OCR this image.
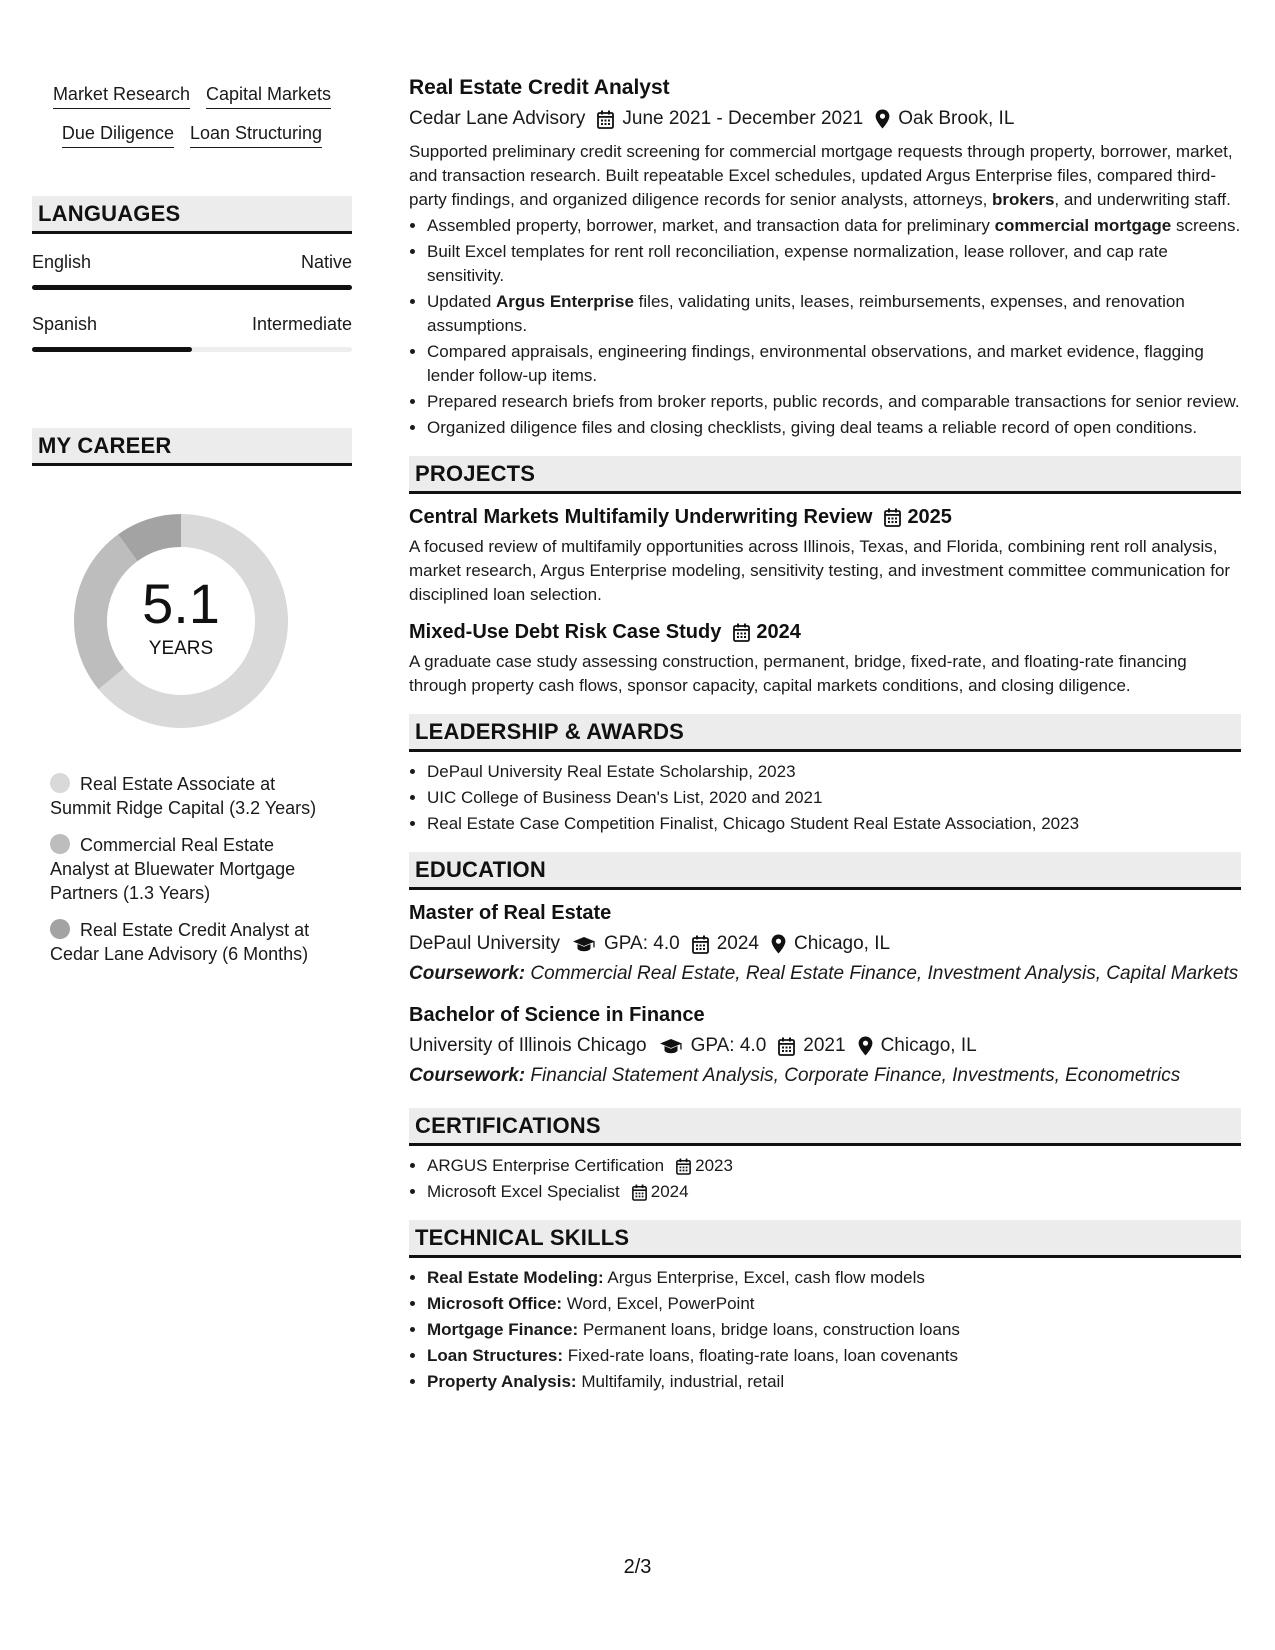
Market Research Capital Markets
Due Diligence Loan Structuring
LANGUAGES
English	Native
Spanish	Intermediate
MY CAREER
5.1
YEARS
Real Estate Associate at Summit Ridge Capital (3.2 Years)
Commercial Real Estate Analyst at Bluewater Mortgage Partners (1.3 Years)
Real Estate Credit Analyst at Cedar Lane Advisory (6 Months)
Real Estate Credit Analyst
Cedar Lane Advisory June 2021 - December 2021 Oak Brook, IL
Supported preliminary credit screening for commercial mortgage requests through property, borrower, market, and transaction research. Built repeatable Excel schedules, updated Argus Enterprise files, compared third-party findings, and organized diligence records for senior analysts, attorneys, brokers, and underwriting staff.
• Assembled property, borrower, market, and transaction data for preliminary commercial mortgage screens.
• Built Excel templates for rent roll reconciliation, expense normalization, lease rollover, and cap rate sensitivity.
• Updated Argus Enterprise files, validating units, leases, reimbursements, expenses, and renovation assumptions.
• Compared appraisals, engineering findings, environmental observations, and market evidence, flagging lender follow-up items.
• Prepared research briefs from broker reports, public records, and comparable transactions for senior review.
• Organized diligence files and closing checklists, giving deal teams a reliable record of open conditions.
PROJECTS
Central Markets Multifamily Underwriting Review 2025
A focused review of multifamily opportunities across Illinois, Texas, and Florida, combining rent roll analysis, market research, Argus Enterprise modeling, sensitivity testing, and investment committee communication for disciplined loan selection.
Mixed-Use Debt Risk Case Study 2024
A graduate case study assessing construction, permanent, bridge, fixed-rate, and floating-rate financing through property cash flows, sponsor capacity, capital markets conditions, and closing diligence.
LEADERSHIP & AWARDS
• DePaul University Real Estate Scholarship, 2023
• UIC College of Business Dean's List, 2020 and 2021
• Real Estate Case Competition Finalist, Chicago Student Real Estate Association, 2023
EDUCATION
Master of Real Estate
DePaul University GPA: 4.0 2024 Chicago, IL
Coursework: Commercial Real Estate, Real Estate Finance, Investment Analysis, Capital Markets
Bachelor of Science in Finance
University of Illinois Chicago GPA: 4.0 2021 Chicago, IL
Coursework: Financial Statement Analysis, Corporate Finance, Investments, Econometrics
CERTIFICATIONS
• ARGUS Enterprise Certification 2023
• Microsoft Excel Specialist 2024
TECHNICAL SKILLS
• Real Estate Modeling: Argus Enterprise, Excel, cash flow models
• Microsoft Office: Word, Excel, PowerPoint
• Mortgage Finance: Permanent loans, bridge loans, construction loans
• Loan Structures: Fixed-rate loans, floating-rate loans, loan covenants
• Property Analysis: Multifamily, industrial, retail
2/3
